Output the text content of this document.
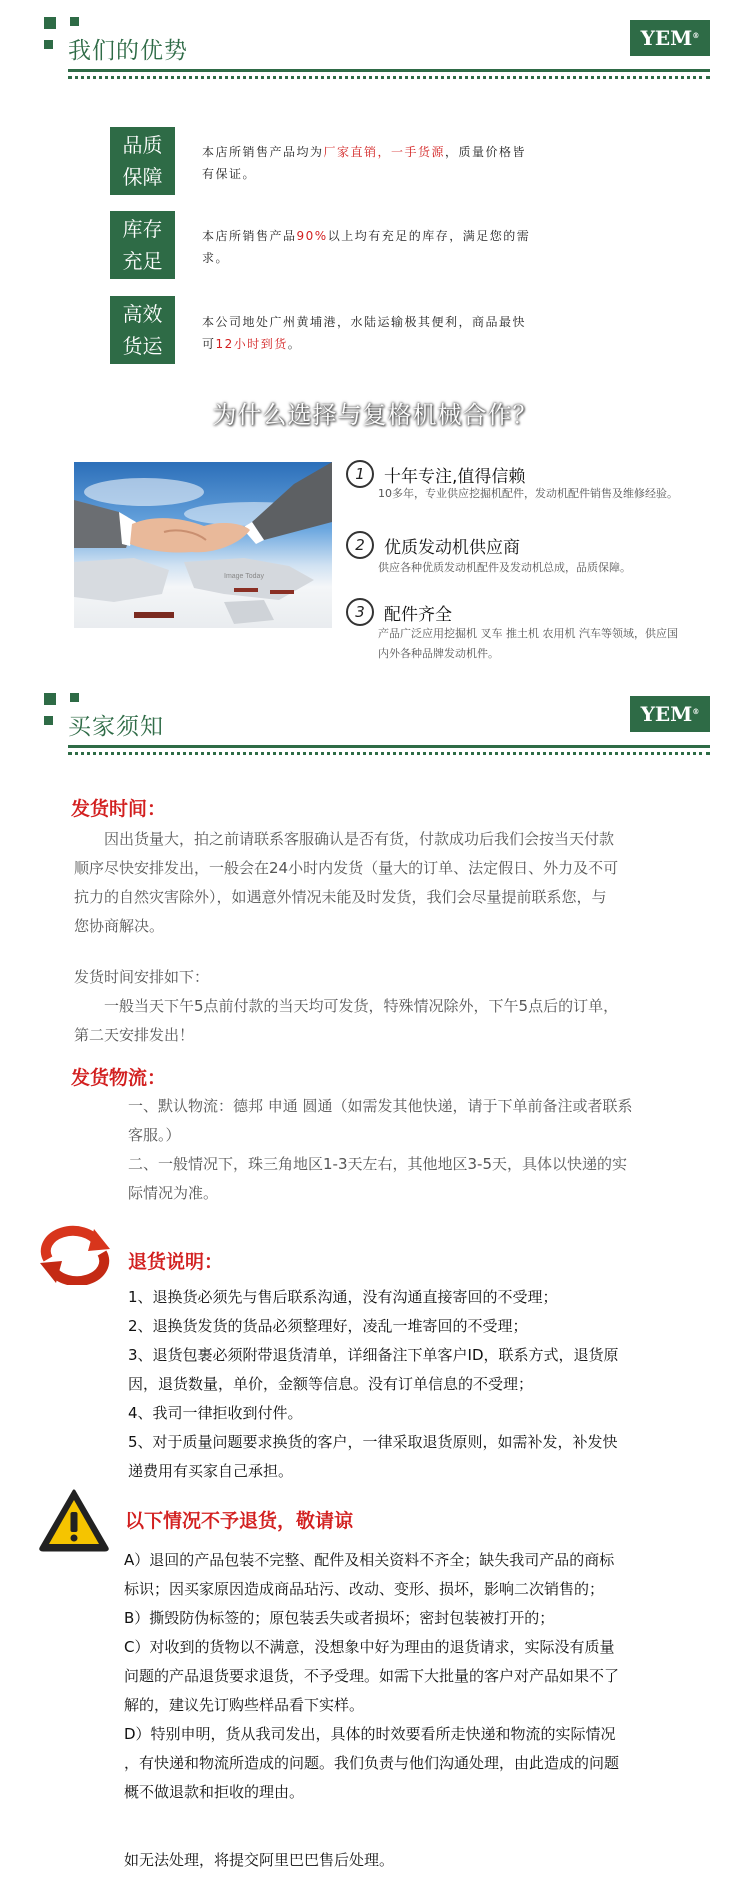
我们的优势	YEM®
品质
保障
本店所销售产品均为厂家直销，一手货源，质量价格皆
有保证。
库存
充足
本店所销售产品90%以上均有充足的库存，满足您的需
求。
高效
货运
本公司地处广州黄埔港，水陆运输极其便利，商品最快
可12小时到货。
为什么选择与复格机械合作？
Image Today
1	十年专注,值得信赖
10多年，专业供应挖掘机配件，发动机配件销售及维修经验。
2	优质发动机供应商
供应各种优质发动机配件及发动机总成，品质保障。
3	配件齐全
产品广泛应用挖掘机 叉车 推土机 农用机 汽车等领域，供应国内外各种品牌发动机件。
买家须知	YEM®
发货时间：
　　因出货量大，拍之前请联系客服确认是否有货，付款成功后我们会按当天付款
顺序尽快安排发出，一般会在24小时内发货（量大的订单、法定假日、外力及不可
抗力的自然灾害除外），如遇意外情况未能及时发货，我们会尽量提前联系您，与
您协商解决。
发货时间安排如下：
　　一般当天下午5点前付款的当天均可发货，特殊情况除外，下午5点后的订单，
第二天安排发出！
发货物流：
一、默认物流：德邦 申通 圆通（如需发其他快递，请于下单前备注或者联系
客服。）
二、一般情况下，珠三角地区1-3天左右，其他地区3-5天，具体以快递的实
际情况为准。
退货说明：
1、退换货必须先与售后联系沟通，没有沟通直接寄回的不受理；
2、退换货发货的货品必须整理好，凌乱一堆寄回的不受理；
3、退货包裹必须附带退货清单，详细备注下单客户ID，联系方式，退货原
因，退货数量，单价，金额等信息。没有订单信息的不受理；
4、我司一律拒收到付件。
5、对于质量问题要求换货的客户，一律采取退货原则，如需补发，补发快
递费用有买家自己承担。
以下情况不予退货，敬请谅
A）退回的产品包装不完整、配件及相关资料不齐全；缺失我司产品的商标
标识；因买家原因造成商品玷污、改动、变形、损坏，影响二次销售的；
B）撕毁防伪标签的；原包装丢失或者损坏；密封包装被打开的；
C）对收到的货物以不满意，没想象中好为理由的退货请求，实际没有质量
问题的产品退货要求退货，不予受理。如需下大批量的客户对产品如果不了
解的，建议先订购些样品看下实样。
D）特别申明，货从我司发出，具体的时效要看所走快递和物流的实际情况
，有快递和物流所造成的问题。我们负责与他们沟通处理，由此造成的问题
概不做退款和拒收的理由。
如无法处理，将提交阿里巴巴售后处理。
